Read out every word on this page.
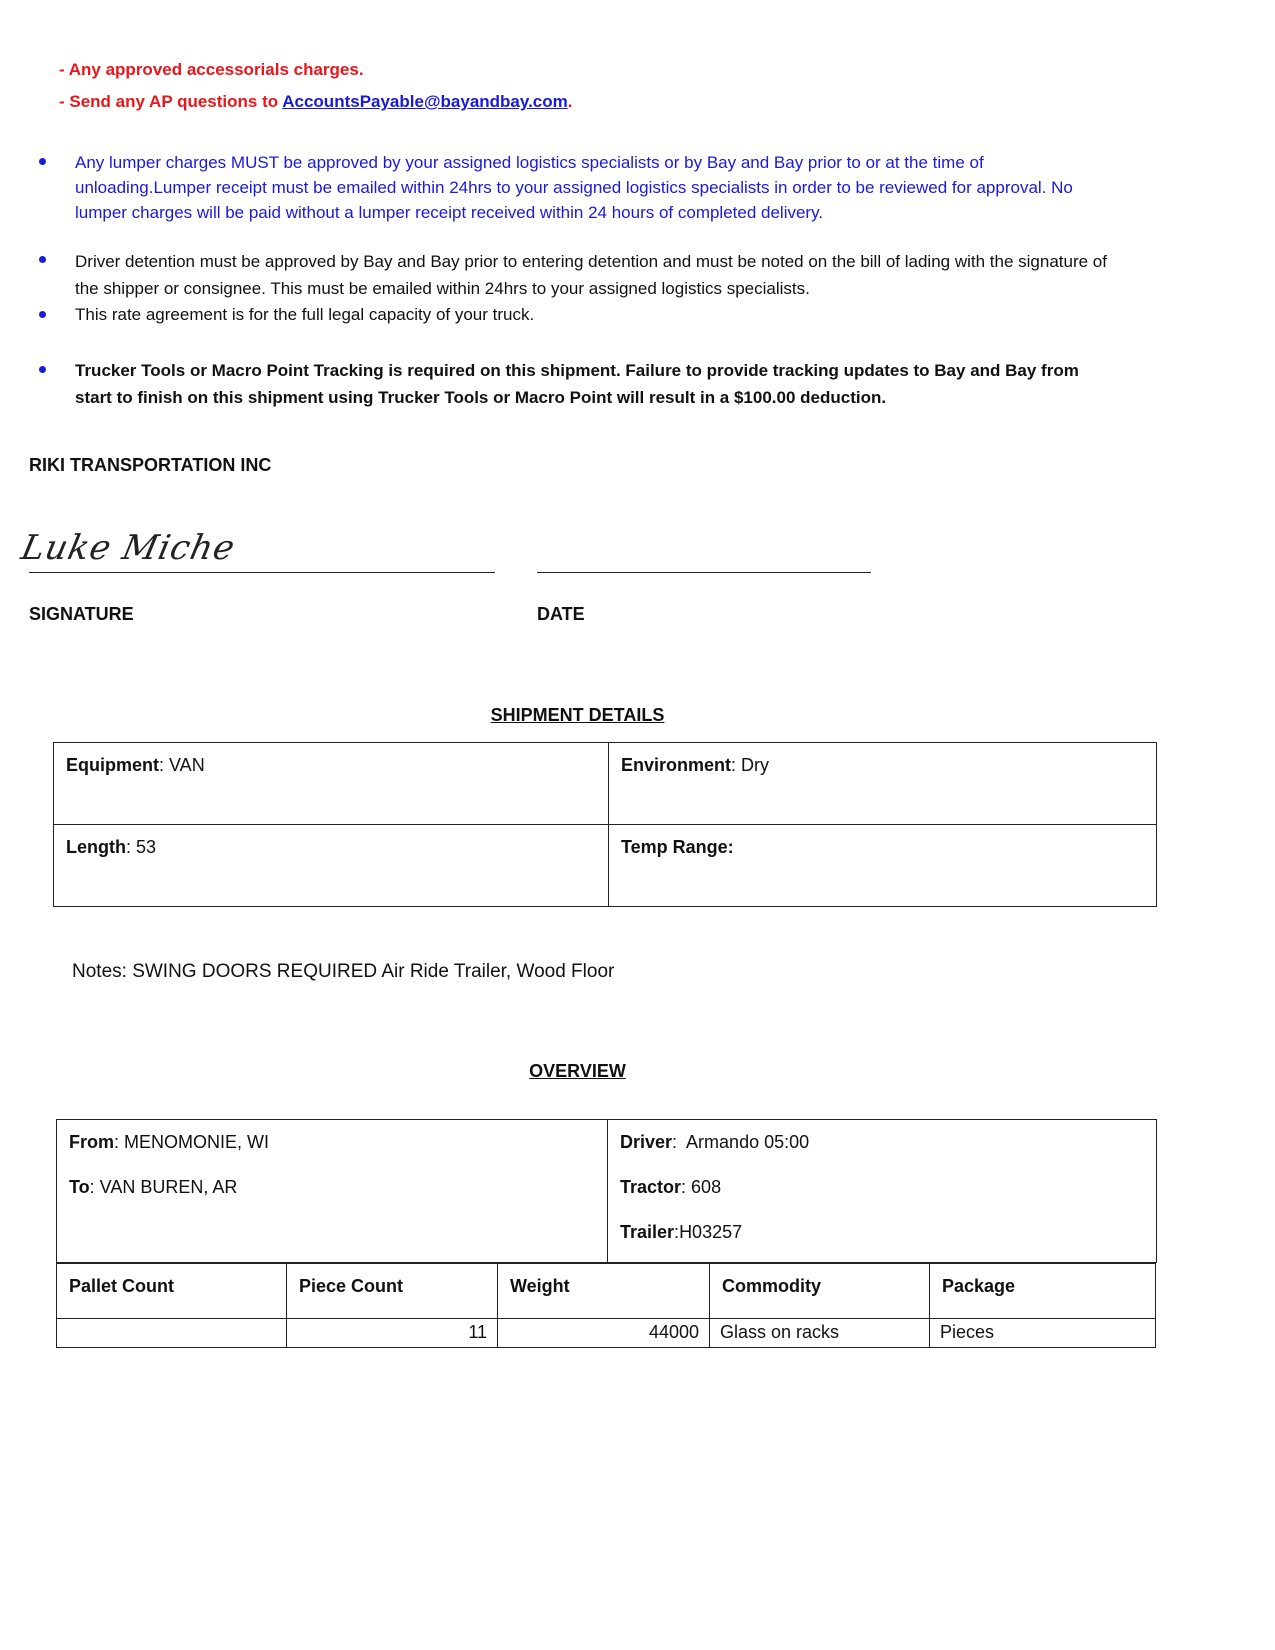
- Any approved accessorials charges.
- Send any AP questions to AccountsPayable@bayandbay.com.
Any lumper charges MUST be approved by your assigned logistics specialists or by Bay and Bay prior to or at the time of unloading.Lumper receipt must be emailed within 24hrs to your assigned logistics specialists in order to be reviewed for approval. No lumper charges will be paid without a lumper receipt received within 24 hours of completed delivery.
Driver detention must be approved by Bay and Bay prior to entering detention and must be noted on the bill of lading with the signature of the shipper or consignee. This must be emailed within 24hrs to your assigned logistics specialists.
This rate agreement is for the full legal capacity of your truck.
Trucker Tools or Macro Point Tracking is required on this shipment. Failure to provide tracking updates to Bay and Bay from start to finish on this shipment using Trucker Tools or Macro Point will result in a $100.00 deduction.
RIKI TRANSPORTATION INC
Luke Miche
SIGNATURE	DATE
SHIPMENT DETAILS
Equipment: VAN	Environment: Dry
Length: 53	Temp Range:
Notes: SWING DOORS REQUIRED Air Ride Trailer, Wood Floor
OVERVIEW
From: MENOMONIE, WI
To: VAN BUREN, AR

Driver:  Armando 05:00
Tractor: 608
Trailer:H03257
Pallet Count	Piece Count	Weight	Commodity	Package
	11	44000	Glass on racks	Pieces
